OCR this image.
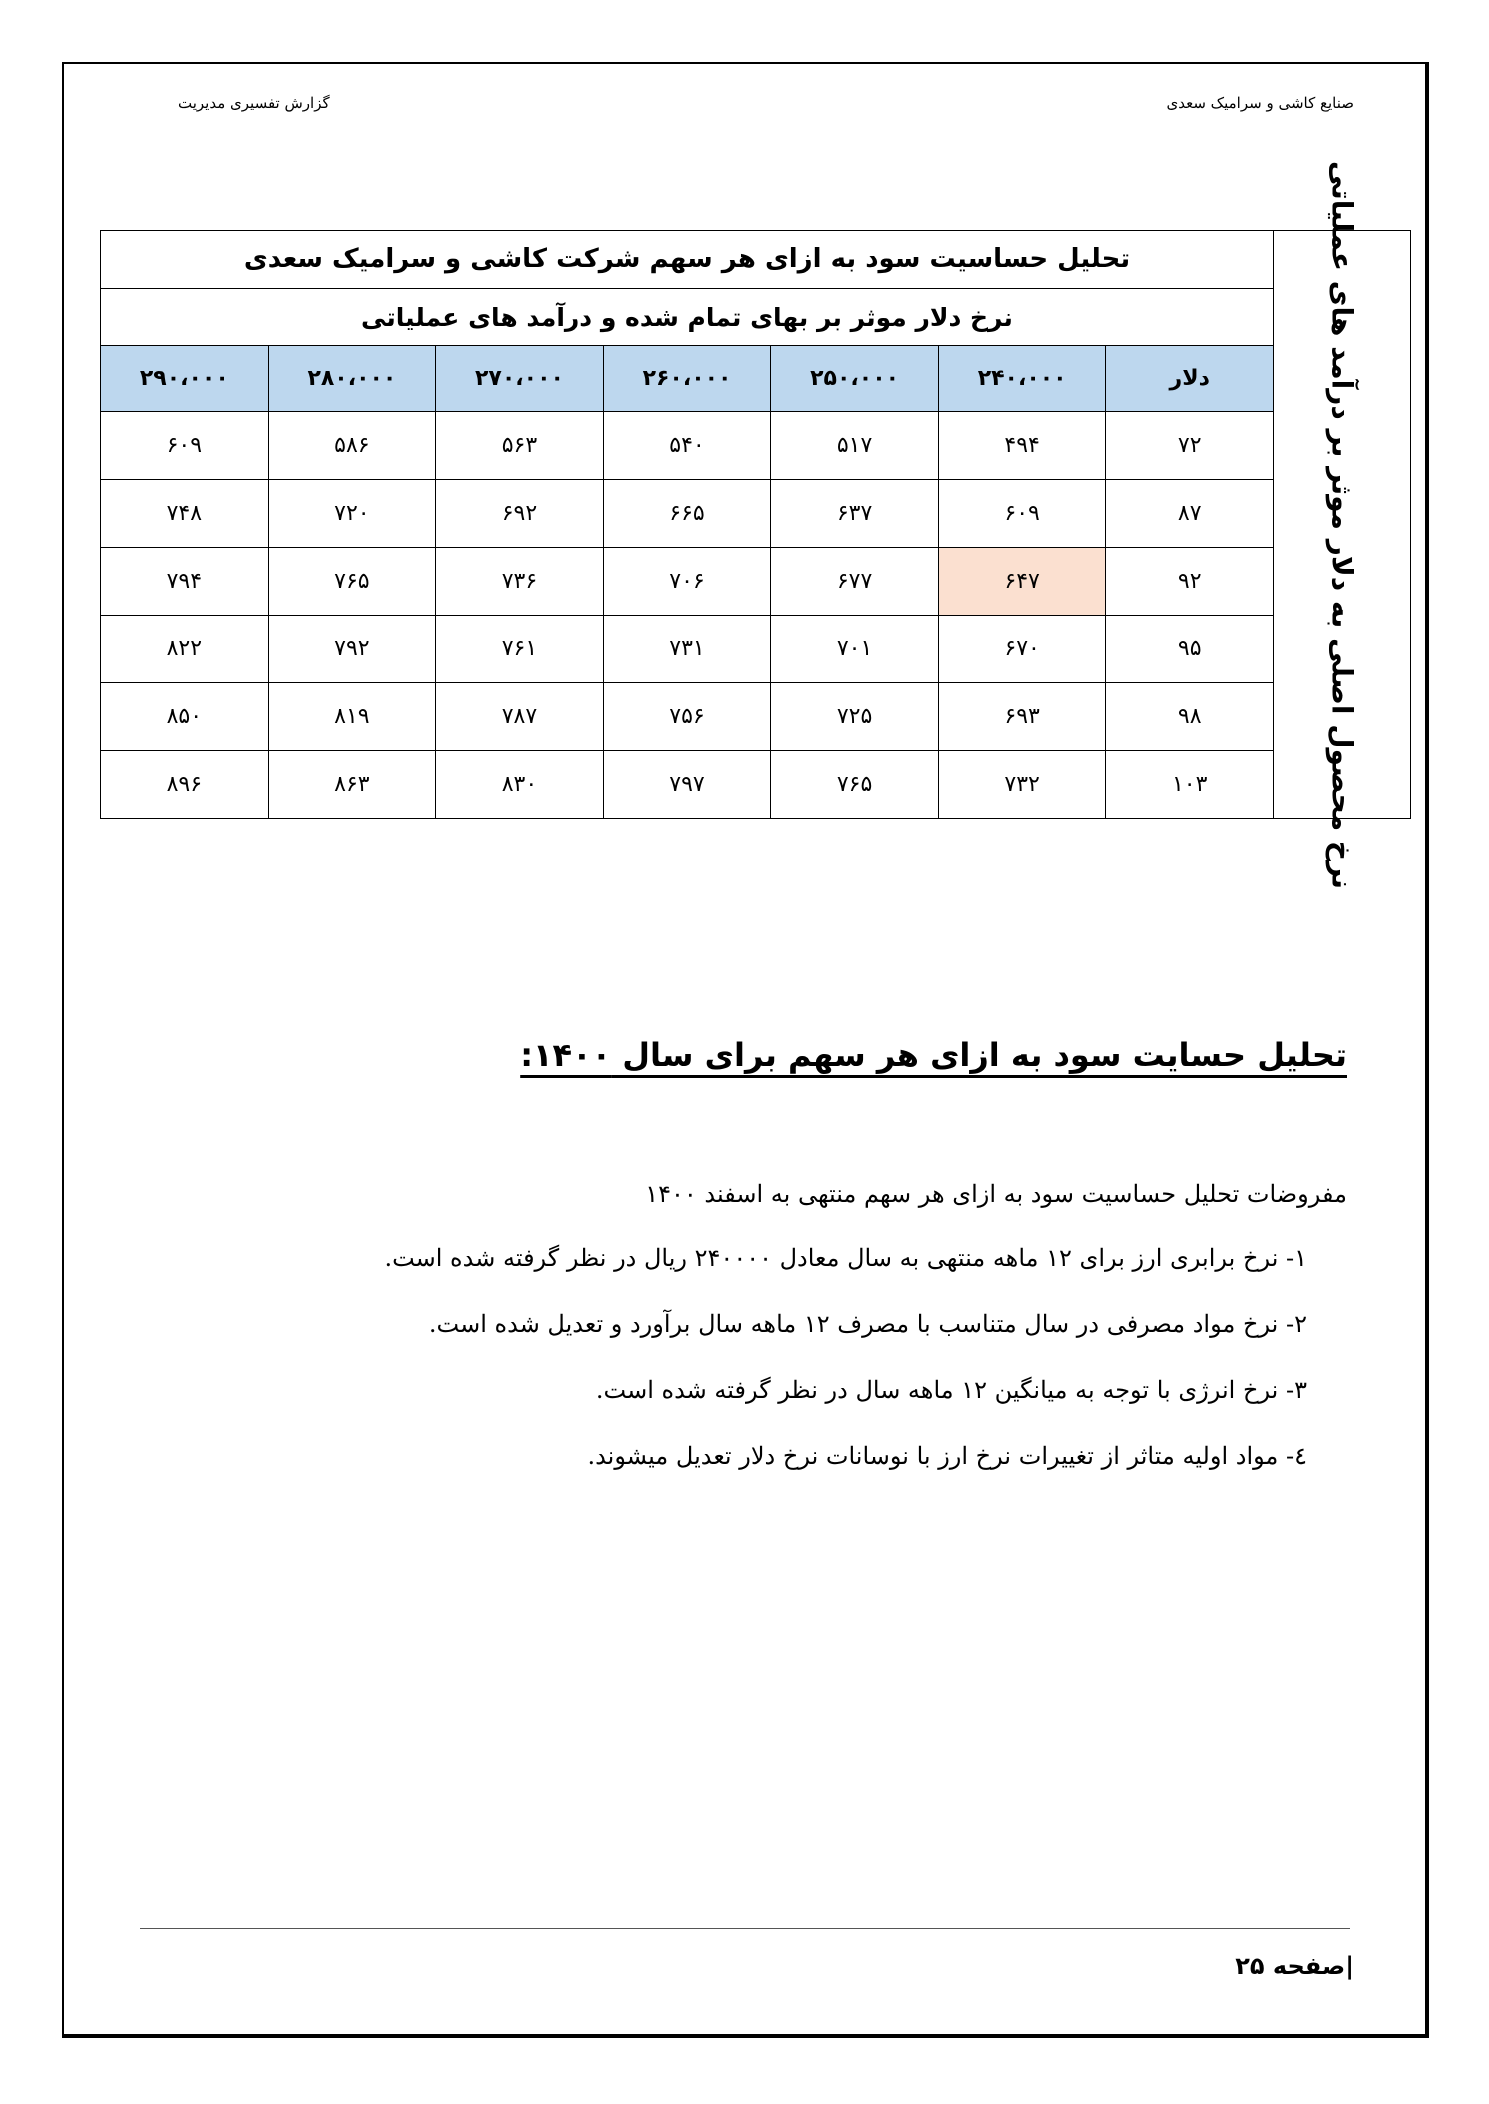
گزارش تفسیری مدیریت	صنایع کاشی و سرامیک سعدی
نرخ محصول اصلی به دلار موثر بر درآمد های عملیاتی	تحلیل حساسیت سود به ازای هر سهم شرکت کاشی و سرامیک سعدی						
	نرخ دلار موثر بر بهای تمام شده و درآمد های عملیاتی						
	دلار	۲۴۰،۰۰۰	۲۵۰،۰۰۰	۲۶۰،۰۰۰	۲۷۰،۰۰۰	۲۸۰،۰۰۰	۲۹۰،۰۰۰
	۷۲	۴۹۴	۵۱۷	۵۴۰	۵۶۳	۵۸۶	۶۰۹
	۸۷	۶۰۹	۶۳۷	۶۶۵	۶۹۲	۷۲۰	۷۴۸
	۹۲	۶۴۷	۶۷۷	۷۰۶	۷۳۶	۷۶۵	۷۹۴
	۹۵	۶۷۰	۷۰۱	۷۳۱	۷۶۱	۷۹۲	۸۲۲
	۹۸	۶۹۳	۷۲۵	۷۵۶	۷۸۷	۸۱۹	۸۵۰
	۱۰۳	۷۳۲	۷۶۵	۷۹۷	۸۳۰	۸۶۳	۸۹۶
تحلیل حسایت سود به ازای هر سهم برای سال ۱۴۰۰:

مفروضات تحلیل حساسیت سود به ازای هر سهم منتهی به اسفند ۱۴۰۰

۱- نرخ برابری ارز برای ۱۲ ماهه منتهی به سال معادل ۲۴۰۰۰۰ ریال در نظر گرفته شده است.

۲- نرخ مواد مصرفی در سال متناسب با مصرف ۱۲ ماهه سال برآورد و تعدیل شده است.

۳- نرخ انرژی با توجه به میانگین ۱۲ ماهه سال در نظر گرفته شده است.

٤- مواد اولیه متاثر از تغییرات نرخ ارز با نوسانات نرخ دلار تعدیل میشوند.

|صفحه ۲۵
